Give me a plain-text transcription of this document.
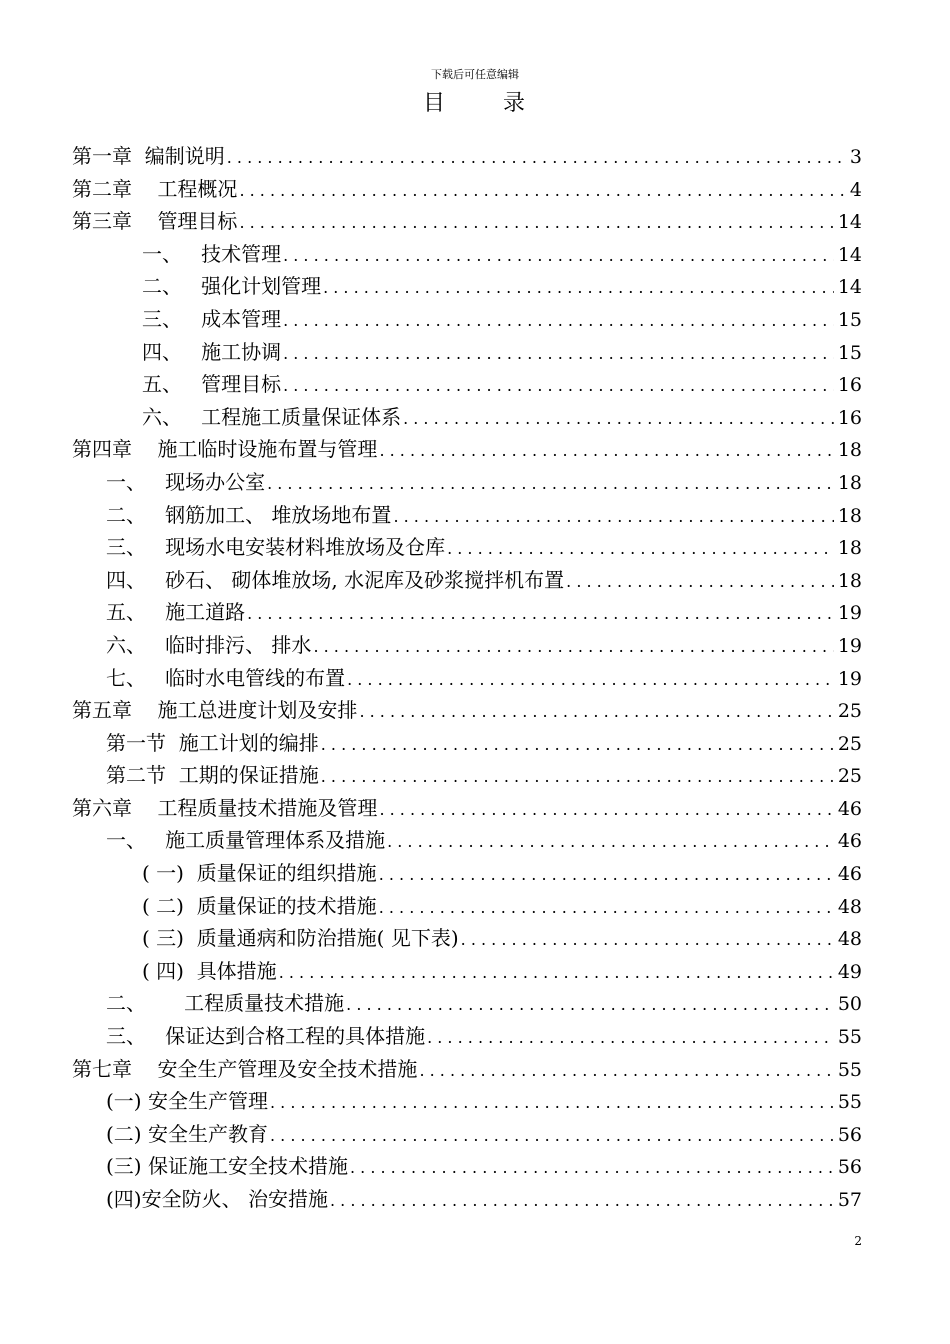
下载后可任意编辑
目	录
第一章 编制说明 . . .	3
第二章 工程概况 . . .	4
第三章 管理目标 . . .	14
一、 技术管理 . . .	14
二、 强化计划管理 . . .	14
三、 成本管理 . . .	15
四、 施工协调 . . .	15
五、 管理目标 . . .	16
六、 工程施工质量保证体系 . . .	16
第四章 施工临时设施布置与管理 . . .	18
一、 现场办公室 . . .	18
二、 钢筋加工、 堆放场地布置 . . .	18
三、 现场水电安装材料堆放场及仓库 . . .	18
四、 砂石、 砌体堆放场, 水泥库及砂浆搅拌机布置 . . .	18
五、 施工道路 . . .	19
六、 临时排污、 排水 . . .	19
七、 临时水电管线的布置 . . .	19
第五章 施工总进度计划及安排 . . .	25
第一节 施工计划的编排 . . .	25
第二节 工期的保证措施 . . .	25
第六章 工程质量技术措施及管理 . . .	46
一、 施工质量管理体系及措施 . . .	46
( 一) 质量保证的组织措施 . . .	46
( 二) 质量保证的技术措施 . . .	48
( 三) 质量通病和防治措施( 见下表) . . .	48
( 四) 具体措施 . . .	49
二、 工程质量技术措施 . . .	50
三、 保证达到合格工程的具体措施 . . .	55
第七章 安全生产管理及安全技术措施 . . .	55
(一) 安全生产管理 . . .	55
(二) 安全生产教育 . . .	56
(三) 保证施工安全技术措施 . . .	56
(四) 安全防火、 治安措施 . . .	57
2
